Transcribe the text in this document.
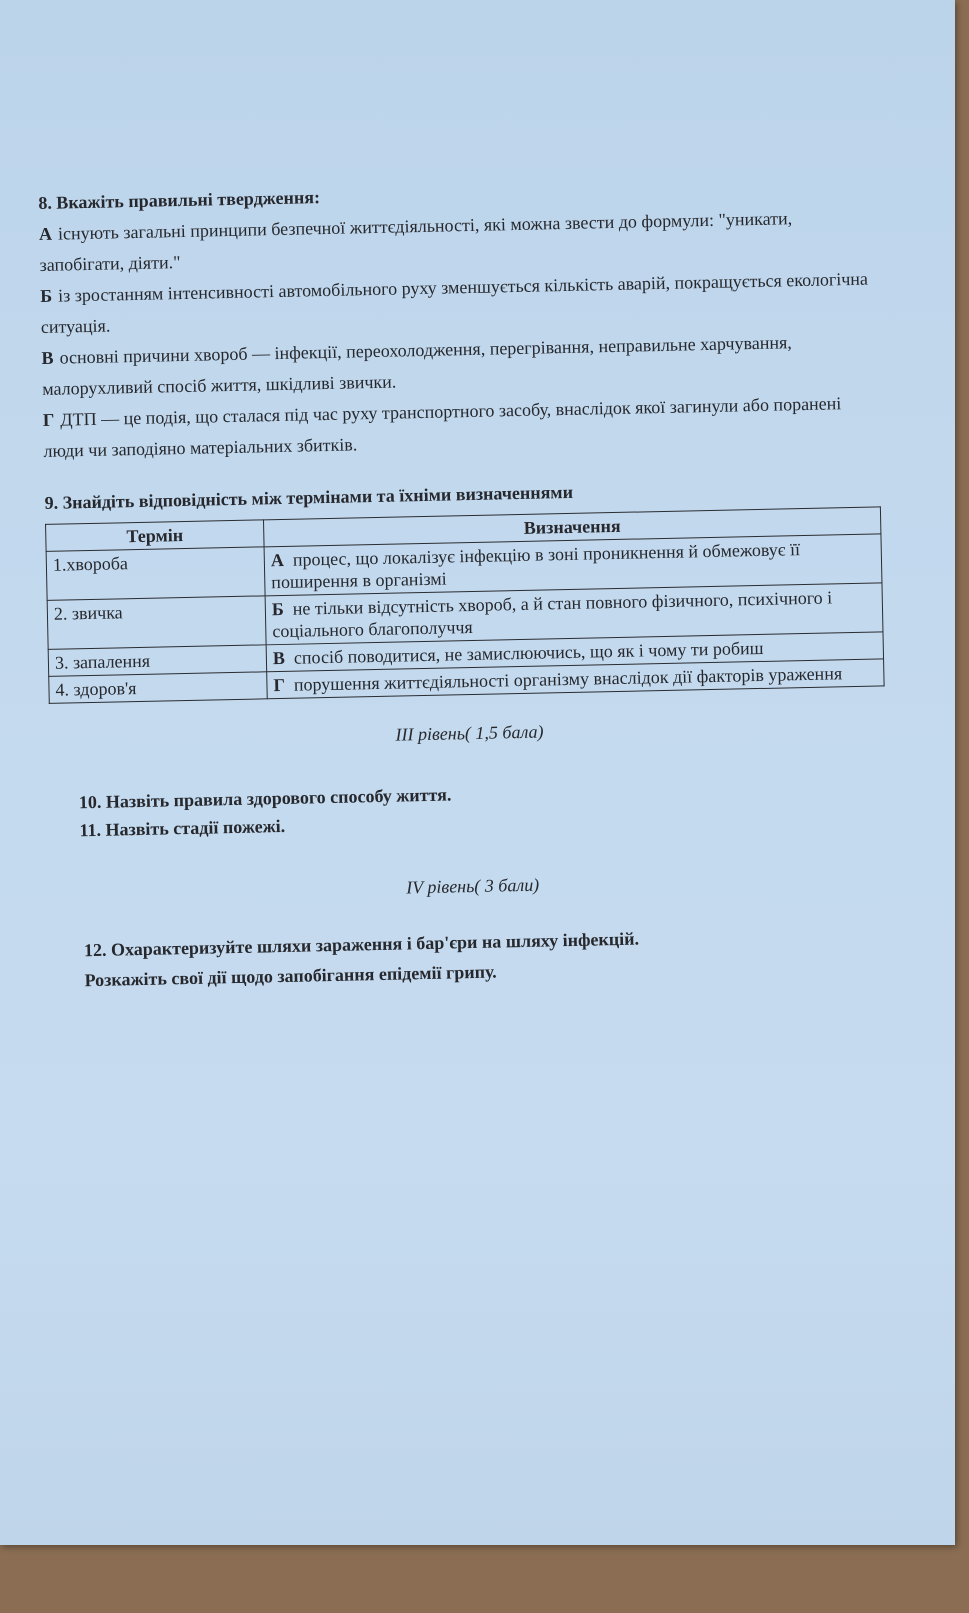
8. Вкажіть правильні твердження:

А існують загальні принципи безпечної життєдіяльності, які можна звести до формули: "уникати, запобігати, діяти."

Б із зростанням інтенсивності автомобільного руху зменшується кількість аварій, покращується екологічна ситуація.

В основні причини хвороб — інфекції, переохолодження, перегрівання, неправильне харчування, малорухливий спосіб життя, шкідливі звички.

Г ДТП — це подія, що сталася під час руху транспортного засобу, внаслідок якої загинули або поранені люди чи заподіяно матеріальних збитків.

9. Знайдіть відповідність між термінами та їхніми визначеннями
Термін	Визначення
1.хвороба	А процес, що локалізує інфекцію в зоні проникнення й обмежовує її поширення в організмі
2. звичка	Б не тільки відсутність хвороб, а й стан повного фізичного, психічного і соціального благополуччя
3. запалення	В спосіб поводитися, не замислюючись, що як і чому ти робиш
4. здоров'я	Г порушення життєдіяльності організму внаслідок дії факторів ураження
III рівень( 1,5 бала)
10. Назвіть правила здорового способу життя.
11. Назвіть стадії пожежі.
IV рівень( 3 бали)
12. Охарактеризуйте шляхи зараження і бар'єри на шляху інфекцій.
Розкажіть свої дії щодо запобігання епідемії грипу.
